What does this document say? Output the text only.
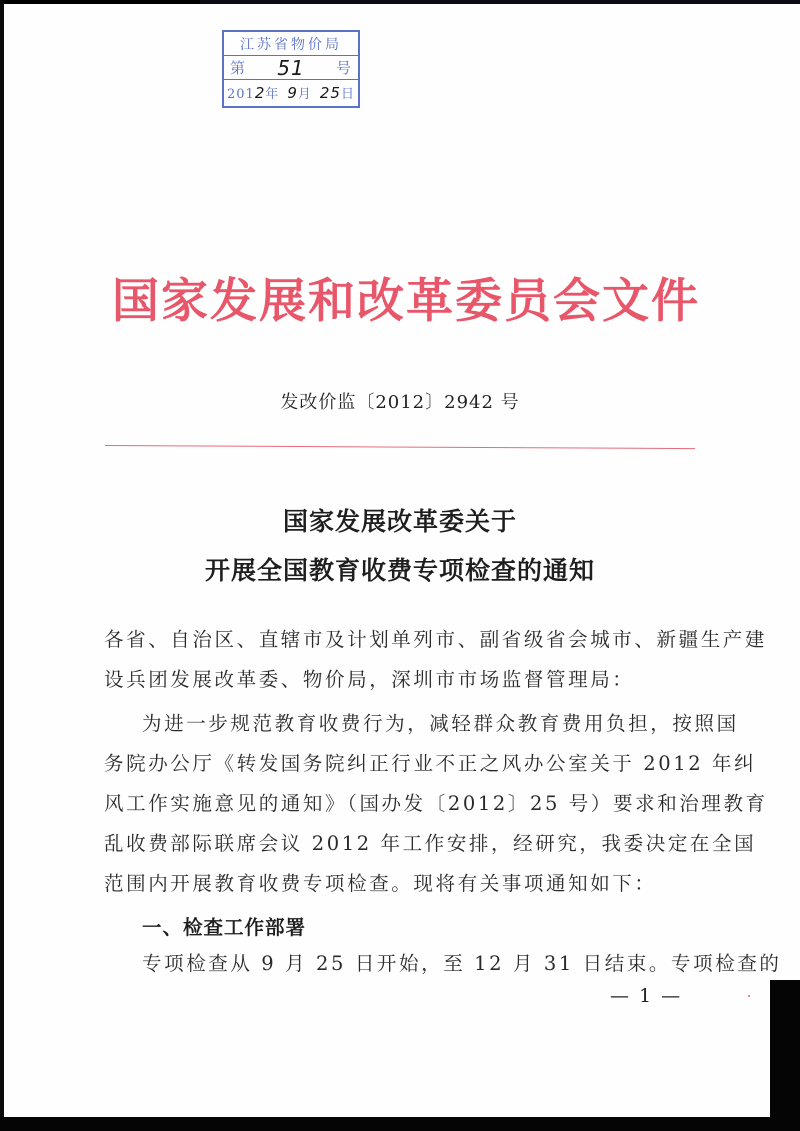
江苏省物价局
第 51 号
2012年 9月 25日
国家发展和改革委员会文件
发改价监〔2012〕2942 号
国家发展改革委关于
开展全国教育收费专项检查的通知
各省、自治区、直辖市及计划单列市、副省级省会城市、新疆生产建
设兵团发展改革委、物价局，深圳市市场监督管理局：
为进一步规范教育收费行为，减轻群众教育费用负担，按照国
务院办公厅《转发国务院纠正行业不正之风办公室关于 2012 年纠
风工作实施意见的通知》（国办发〔2012〕25 号）要求和治理教育
乱收费部际联席会议 2012 年工作安排，经研究，我委决定在全国
范围内开展教育收费专项检查。现将有关事项通知如下：
一、检查工作部署
专项检查从 9 月 25 日开始，至 12 月 31 日结束。专项检查的
— 1 —
